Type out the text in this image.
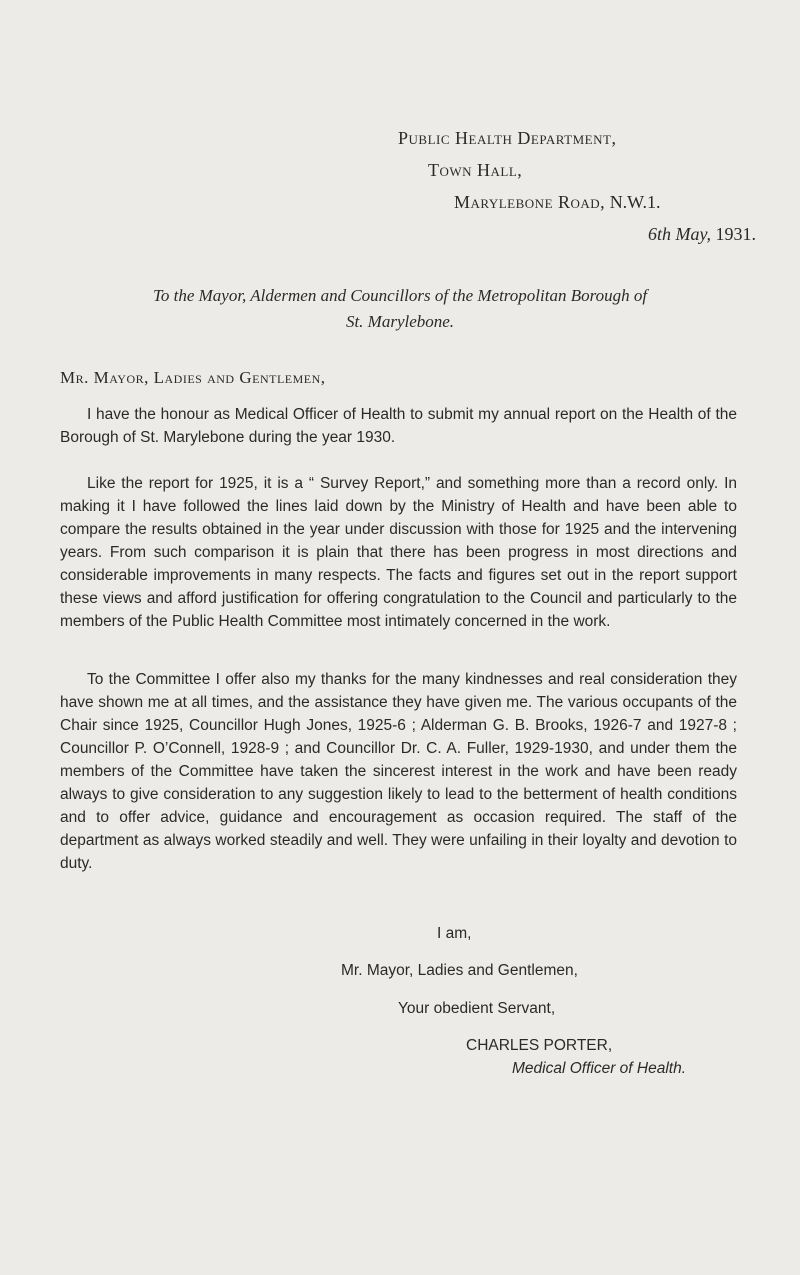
Public Health Department,
Town Hall,
Marylebone Road, N.W.1.
6th May, 1931.
To the Mayor, Aldermen and Councillors of the Metropolitan Borough of
St. Marylebone.
Mr. Mayor, Ladies and Gentlemen,

I have the honour as Medical Officer of Health to submit my annual report on the Health of the Borough of St. Marylebone during the year 1930.

Like the report for 1925, it is a “ Survey Report,” and something more than a record only. In making it I have followed the lines laid down by the Ministry of Health and have been able to compare the results obtained in the year under discussion with those for 1925 and the intervening years. From such comparison it is plain that there has been progress in most directions and considerable improvements in many respects. The facts and figures set out in the report support these views and afford justification for offering congratulation to the Council and particularly to the members of the Public Health Committee most intimately concerned in the work.

To the Committee I offer also my thanks for the many kindnesses and real consideration they have shown me at all times, and the assistance they have given me. The various occupants of the Chair since 1925, Councillor Hugh Jones, 1925-6 ; Alderman G. B. Brooks, 1926-7 and 1927-8 ; Councillor P. O’Connell, 1928-9 ; and Councillor Dr. C. A. Fuller, 1929-1930, and under them the members of the Committee have taken the sincerest interest in the work and have been ready always to give consideration to any suggestion likely to lead to the betterment of health conditions and to offer advice, guidance and encouragement as occasion required. The staff of the department as always worked steadily and well. They were unfailing in their loyalty and devotion to duty.

I am,
Mr. Mayor, Ladies and Gentlemen,
Your obedient Servant,
CHARLES PORTER,
Medical Officer of Health.
